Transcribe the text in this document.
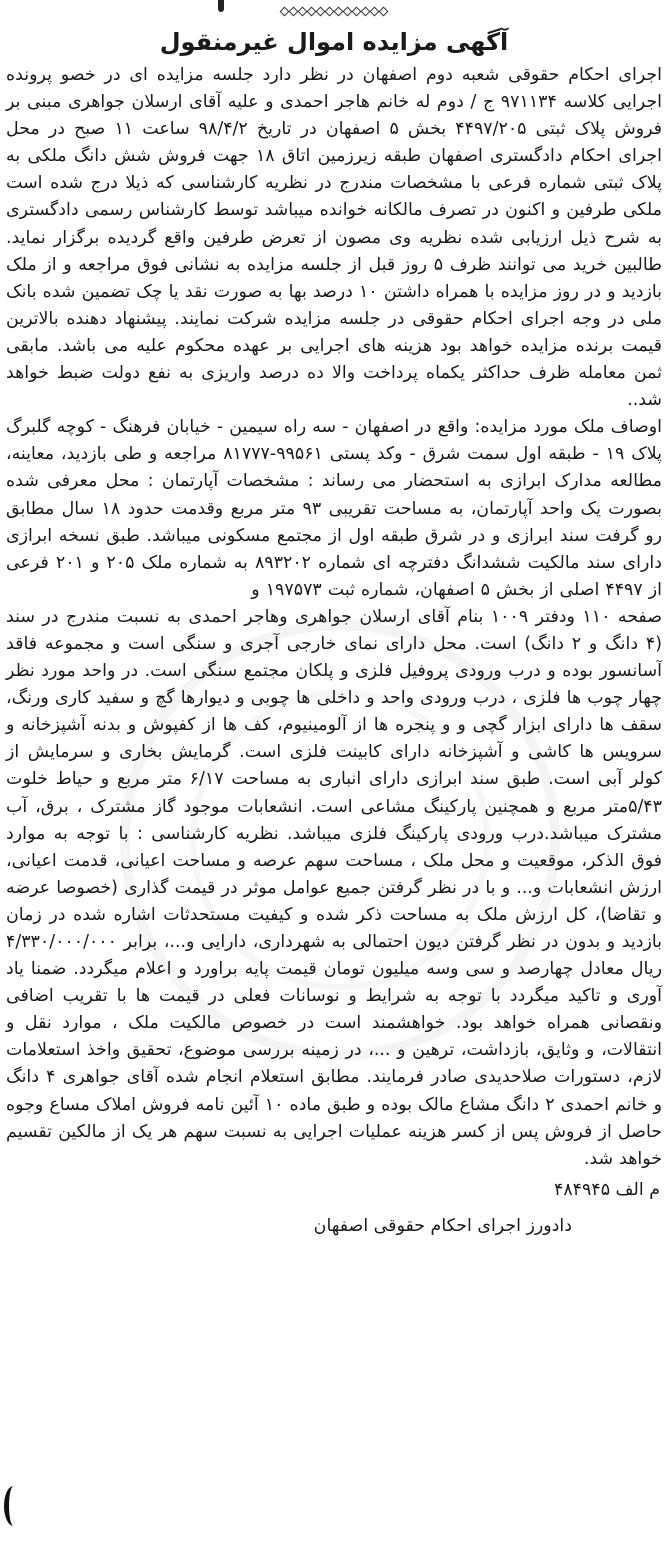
آگهی مزایده اموال غیرمنقول

اجرای احکام حقوقی شعبه دوم اصفهان در نظر دارد جلسه مزایده ای در خصو پرونده اجرایی کلاسه ۹۷۱۱۳۴ ج / دوم له خانم هاجر احمدی و علیه آقای ارسلان جواهری مبنی بر فروش پلاک ثبتی ۴۴۹۷/۲۰۵ بخش ۵ اصفهان در تاریخ ۹۸/۴/۲ ساعت ۱۱ صبح در محل اجرای احکام دادگستری اصفهان طبقه زیرزمین اتاق ۱۸ جهت فروش شش دانگ ملکی به پلاک ثبتی شماره فرعی با مشخصات مندرج در نظریه کارشناسی که ذیلا درج شده است ملکی طرفین و اکنون در تصرف مالکانه خوانده میباشد توسط کارشناس رسمی دادگستری به شرح ذیل ارزیابی شده نظریه وی مصون از تعرض طرفین واقع گردیده برگزار نماید. طالبین خرید می توانند ظرف ۵ روز قبل از جلسه مزایده به نشانی فوق مراجعه و از ملک بازدید و در روز مزایده با همراه داشتن ۱۰ درصد بها به صورت نقد یا چک تضمین شده بانک ملی در وجه اجرای احکام حقوقی در جلسه مزایده شرکت نمایند. پیشنهاد دهنده بالاترین قیمت برنده مزایده خواهد بود هزینه های اجرایی بر عهده محکوم علیه می باشد. مابقی ثمن معامله ظرف حداکثر یکماه پرداخت والا ده درصد واریزی به نفع دولت ضبط خواهد شد..

اوصاف ملک مورد مزایده: واقع در اصفهان - سه راه سیمین - خیابان فرهنگ - کوچه گلبرگ پلاک ۱۹ - طبقه اول سمت شرق - وکد پستی ۹۹۵۶۱-۸۱۷۷۷ مراجعه و طی بازدید، معاینه، مطالعه مدارک ابرازی به استحضار می رساند : مشخصات آپارتمان : محل معرفی شده بصورت یک واحد آپارتمان، به مساحت تقریبی ۹۳ متر مربع وقدمت حدود ۱۸ سال مطابق رو گرفت سند ابرازی و در شرق طبقه اول از مجتمع مسکونی میباشد. طبق نسخه ابرازی دارای سند مالکیت ششدانگ دفترچه ای شماره ۸۹۳۲۰۲ به شماره ملک ۲۰۵ و ۲۰۱ فرعی از ۴۴۹۷ اصلی از بخش ۵ اصفهان، شماره ثبت ۱۹۷۵۷۳ و

صفحه ۱۱۰ ودفتر ۱۰۰۹ بنام آقای ارسلان جواهری وهاجر احمدی به نسبت مندرج در سند (۴ دانگ و ۲ دانگ) است. محل دارای نمای خارجی آجری و سنگی است و مجموعه فاقد آسانسور بوده و درب ورودی پروفیل فلزی و پلکان مجتمع سنگی است. در واحد مورد نظر چهار چوب ها فلزی ، درب ورودی واحد و داخلی ها چوبی و دیوارها گچ و سفید کاری ورنگ، سقف ها دارای ابزار گچی و و پنجره ها از آلومینیوم، کف ها از کفپوش و بدنه آشپزخانه و سرویس ها کاشی و آشپزخانه دارای کابینت فلزی است. گرمایش بخاری و سرمایش از کولر آبی است. طبق سند ابرازی دارای انباری به مساحت ۶/۱۷ متر مربع و حیاط خلوت ۵/۴۳متر مربع و همچنین پارکینگ مشاعی است. انشعابات موجود گاز مشترک ، برق، آب مشترک میباشد.درب ورودی پارکینگ فلزی میباشد. نظریه کارشناسی : با توجه به موارد فوق الذکر، موقعیت و محل ملک ، مساحت سهم عرصه و مساحت اعیانی، قدمت اعیانی، ارزش انشعابات و... و با در نظر گرفتن جمیع عوامل موثر در قیمت گذاری (خصوصا عرضه و تقاضا)، کل ارزش ملک به مساحت ذکر شده و کیفیت مستحدثات اشاره شده در زمان بازدید و بدون در نظر گرفتن دیون احتمالی به شهرداری، دارایی و...، برابر ۴/۳۳۰/۰۰۰/۰۰۰ ریال معادل چهارصد و سی وسه میلیون تومان قیمت پایه براورد و اعلام میگردد. ضمنا یاد آوری و تاکید میگردد با توجه به شرایط و نوسانات فعلی در قیمت ها با تقریب اضافی ونقصانی همراه خواهد بود. خواهشمند است در خصوص مالکیت ملک ، موارد نقل و انتقالات، و وثایق، بازداشت، ترهین و ...، در زمینه بررسی موضوع، تحقیق واخذ استعلامات لازم، دستورات صلاحدیدی صادر فرمایند. مطابق استعلام انجام شده آقای جواهری ۴ دانگ و خانم احمدی ۲ دانگ مشاع مالک بوده و طبق ماده ۱۰ آئین نامه فروش املاک مساع وجوه حاصل از فروش پس از کسر هزینه عملیات اجرایی به نسبت سهم هر یک از مالکین تقسیم خواهد شد.

م الف ۴۸۴۹۴۵
دادورز اجرای احکام حقوقی اصفهان
